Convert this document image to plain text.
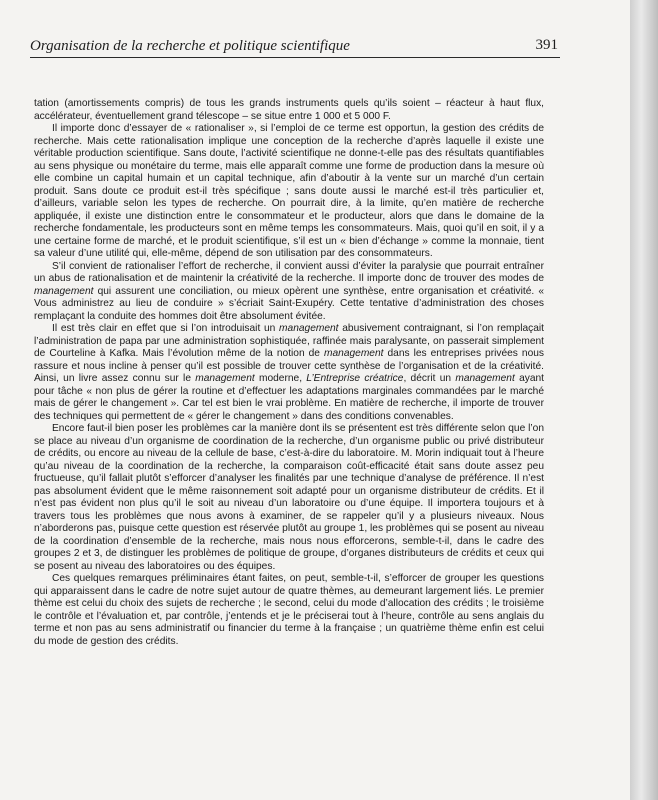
Organisation de la recherche et politique scientifique	391

tation (amortissements compris) de tous les grands instruments quels qu’ils soient – réacteur à haut flux, accélérateur, éventuellement grand télescope – se situe entre 1 000 et 5 000 F.

Il importe donc d’essayer de « rationaliser », si l’emploi de ce terme est opportun, la gestion des crédits de recherche. Mais cette rationalisation implique une conception de la recherche d’après laquelle il existe une véritable production scientifique. Sans doute, l’activité scientifique ne donne-t-elle pas des résultats quantifiables au sens physique ou monétaire du terme, mais elle apparaît comme une forme de production dans la mesure où elle combine un capital humain et un capital technique, afin d’aboutir à la vente sur un marché d’un certain produit. Sans doute ce produit est-il très spécifique ; sans doute aussi le marché est-il très particulier et, d’ailleurs, variable selon les types de recherche. On pourrait dire, à la limite, qu’en matière de recherche appliquée, il existe une distinction entre le consommateur et le producteur, alors que dans le domaine de la recherche fondamentale, les producteurs sont en même temps les consommateurs. Mais, quoi qu’il en soit, il y a une certaine forme de marché, et le produit scientifique, s’il est un « bien d’échange » comme la monnaie, tient sa valeur d’une utilité qui, elle-même, dépend de son utilisation par des consommateurs.

S’il convient de rationaliser l’effort de recherche, il convient aussi d’éviter la paralysie que pourrait entraîner un abus de rationalisation et de maintenir la créativité de la recherche. Il importe donc de trouver des modes de management qui assurent une conciliation, ou mieux opèrent une synthèse, entre organisation et créativité. « Vous administrez au lieu de conduire » s’écriait Saint-Exupéry. Cette tentative d’administration des choses remplaçant la conduite des hommes doit être absolument évitée.

Il est très clair en effet que si l’on introduisait un management abusivement contraignant, si l’on remplaçait l’administration de papa par une administration sophistiquée, raffinée mais paralysante, on passerait simplement de Courteline à Kafka. Mais l’évolution même de la notion de management dans les entreprises privées nous rassure et nous incline à penser qu’il est possible de trouver cette synthèse de l’organisation et de la créativité. Ainsi, un livre assez connu sur le management moderne, L’Entreprise créatrice, décrit un management ayant pour tâche « non plus de gérer la routine et d’effectuer les adaptations marginales commandées par le marché mais de gérer le changement ». Car tel est bien le vrai problème. En matière de recherche, il importe de trouver des techniques qui permettent de « gérer le changement » dans des conditions convenables.

Encore faut-il bien poser les problèmes car la manière dont ils se présentent est très différente selon que l’on se place au niveau d’un organisme de coordination de la recherche, d’un organisme public ou privé distributeur de crédits, ou encore au niveau de la cellule de base, c’est-à-dire du laboratoire. M. Morin indiquait tout à l’heure qu’au niveau de la coordination de la recherche, la comparaison coût-efficacité était sans doute assez peu fructueuse, qu’il fallait plutôt s’efforcer d’analyser les finalités par une technique d’analyse de préférence. Il n’est pas absolument évident que le même raisonnement soit adapté pour un organisme distributeur de crédits. Et il n’est pas évident non plus qu’il le soit au niveau d’un laboratoire ou d’une équipe. Il importera toujours et à travers tous les problèmes que nous avons à examiner, de se rappeler qu’il y a plusieurs niveaux. Nous n’aborderons pas, puisque cette question est réservée plutôt au groupe 1, les problèmes qui se posent au niveau de la coordination d’ensemble de la recherche, mais nous nous efforcerons, semble-t-il, dans le cadre des groupes 2 et 3, de distinguer les problèmes de politique de groupe, d’organes distributeurs de crédits et ceux qui se posent au niveau des laboratoires ou des équipes.

Ces quelques remarques préliminaires étant faites, on peut, semble-t-il, s’efforcer de grouper les questions qui apparaissent dans le cadre de notre sujet autour de quatre thèmes, au demeurant largement liés. Le premier thème est celui du choix des sujets de recherche ; le second, celui du mode d’allocation des crédits ; le troisième le contrôle et l’évaluation et, par contrôle, j’entends et je le préciserai tout à l’heure, contrôle au sens anglais du terme et non pas au sens administratif ou financier du terme à la française ; un quatrième thème enfin est celui du mode de gestion des crédits.
